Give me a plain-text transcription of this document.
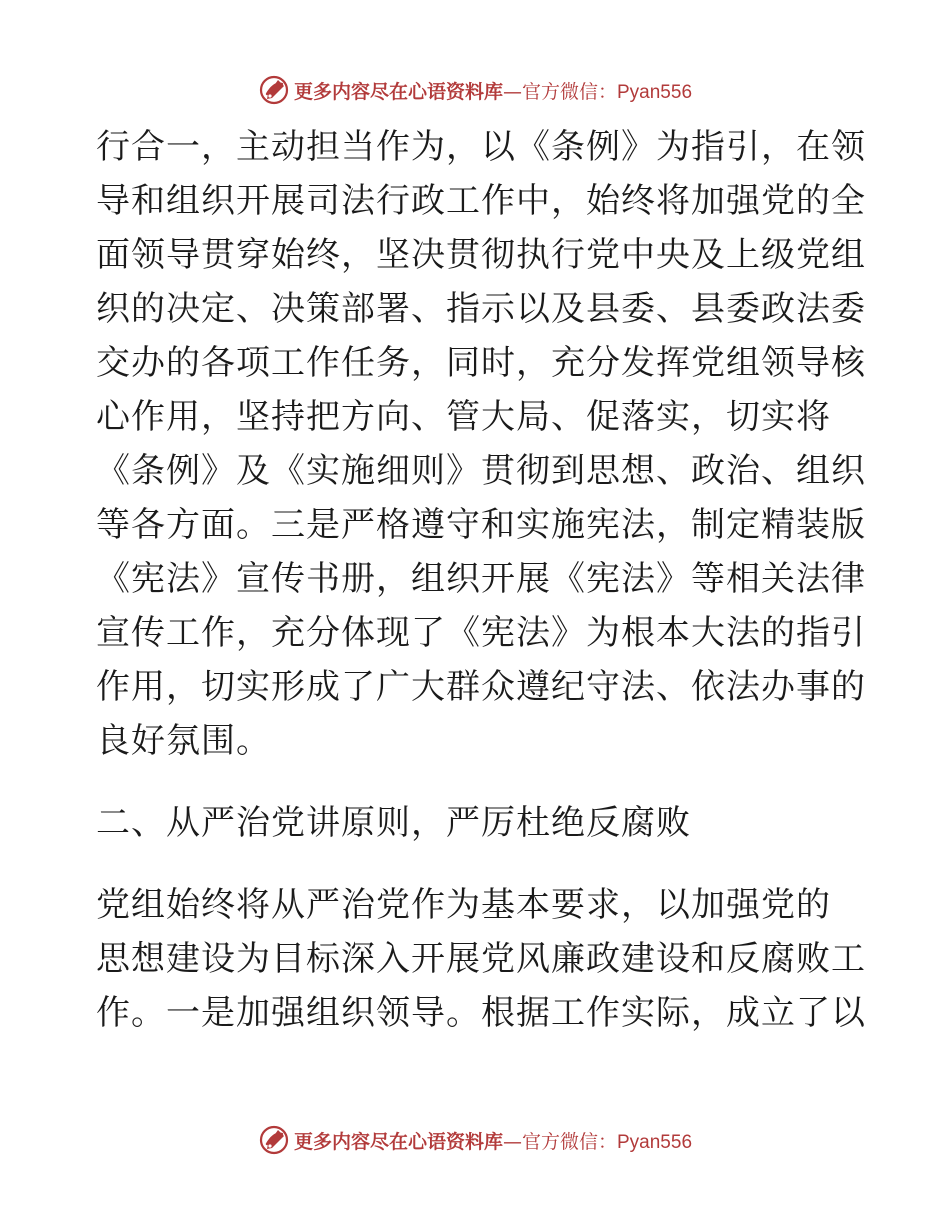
更多内容尽在心语资料库—官方微信：Pyan556
行合一，主动担当作为，以《条例》为指引，在领
导和组织开展司法行政工作中，始终将加强党的全
面领导贯穿始终，坚决贯彻执行党中央及上级党组
织的决定、决策部署、指示以及县委、县委政法委
交办的各项工作任务，同时，充分发挥党组领导核
心作用，坚持把方向、管大局、促落实，切实将
《条例》及《实施细则》贯彻到思想、政治、组织
等各方面。三是严格遵守和实施宪法，制定精装版
《宪法》宣传书册，组织开展《宪法》等相关法律
宣传工作，充分体现了《宪法》为根本大法的指引
作用，切实形成了广大群众遵纪守法、依法办事的
良好氛围。
二、从严治党讲原则，严厉杜绝反腐败
党组始终将从严治党作为基本要求，以加强党的
思想建设为目标深入开展党风廉政建设和反腐败工
作。一是加强组织领导。根据工作实际，成立了以
更多内容尽在心语资料库—官方微信：Pyan556
